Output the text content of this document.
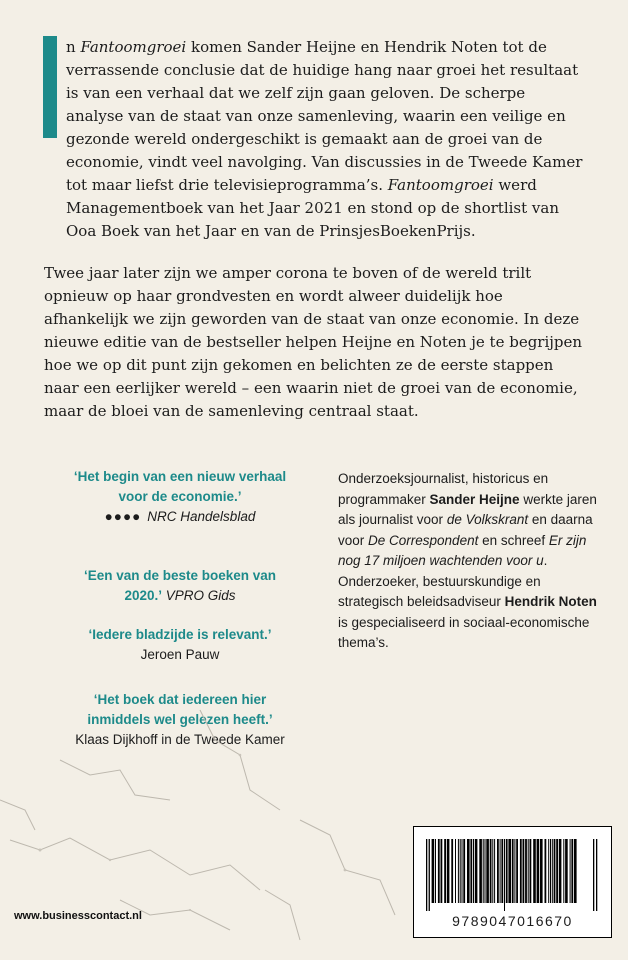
n Fantoomgroei komen Sander Heijne en Hendrik Noten tot de verrassende conclusie dat de huidige hang naar groei het resultaat is van een verhaal dat we zelf zijn gaan geloven. De scherpe analyse van de staat van onze samenleving, waarin een veilige en gezonde wereld ondergeschikt is gemaakt aan de groei van de economie, vindt veel navolging. Van discussies in de Tweede Kamer tot maar liefst drie televisieprogramma’s. Fantoomgroei werd Managementboek van het Jaar 2021 en stond op de shortlist van Ooa Boek van het Jaar en van de PrinsjesBoekenPrijs.

Twee jaar later zijn we amper corona te boven of de wereld trilt opnieuw op haar grondvesten en wordt alweer duidelijk hoe afhankelijk we zijn geworden van de staat van onze economie. In deze nieuwe editie van de bestseller helpen Heijne en Noten je te begrijpen hoe we op dit punt zijn gekomen en belichten ze de eerste stappen naar een eerlijker wereld – een waarin niet de groei van de economie, maar de bloei van de samenleving centraal staat.

‘Het begin van een nieuw verhaal voor de economie.’
●●●● NRC Handelsblad
‘Een van de beste boeken van 2020.’ VPRO Gids
‘Iedere bladzijde is relevant.’
Jeroen Pauw
‘Het boek dat iedereen hier inmiddels wel gelezen heeft.’
Klaas Dijkhoff in de Tweede Kamer

Onderzoeksjournalist, historicus en programmaker Sander Heijne werkte jaren als journalist voor de Volkskrant en daarna voor De Correspondent en schreef Er zijn nog 17 miljoen wachtenden voor u.
Onderzoeker, bestuurskundige en strategisch beleidsadviseur Hendrik Noten is gespecialiseerd in sociaal-economische thema’s.

www.businesscontact.nl	9789047016670
